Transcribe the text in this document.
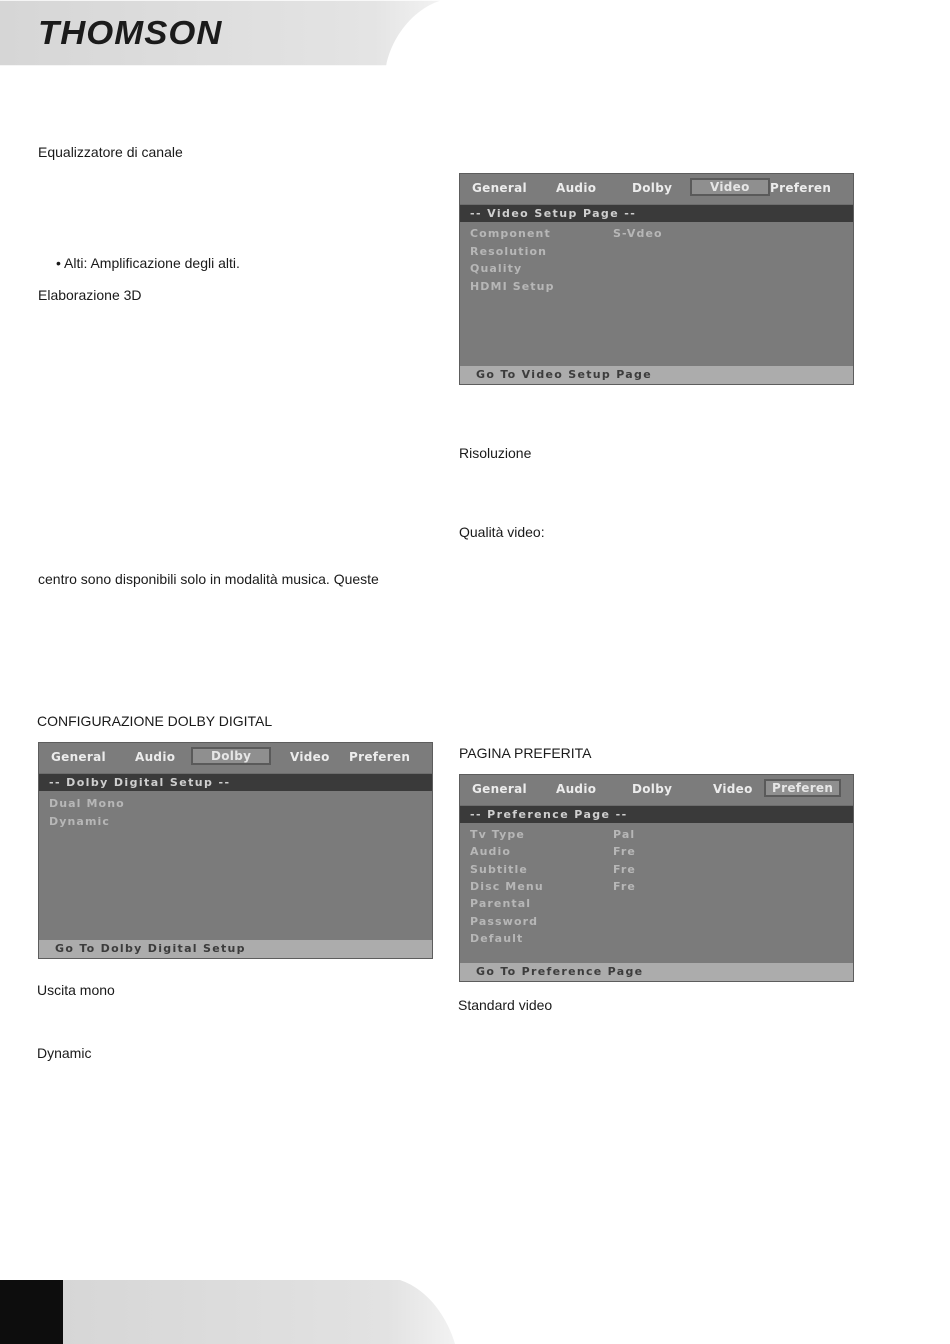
THOMSON
Equalizzatore di canale
• Alti: Amplificazione degli alti.
Elaborazione 3D
centro sono disponibili solo in modalità musica. Queste
CONFIGURAZIONE DOLBY DIGITAL
Uscita mono
Dynamic
Risoluzione
Qualità video:
PAGINA PREFERITA
Standard video
General Audio	Dolby	Video	Preferen
-- Video Setup Page --
Component	S-Vdeo
Resolution
Quality
HDMI Setup
Go To Video Setup Page
General Audio	Dolby	Video Preferen
-- Dolby Digital Setup --
Dual Mono
Dynamic
Go To Dolby Digital Setup
General Audio	Dolby	Video	Preferen
-- Preference Page --
Tv Type	Pal
Audio	Fre
Subtitle	Fre
Disc Menu	Fre
Parental
Password
Default
Go To Preference Page
